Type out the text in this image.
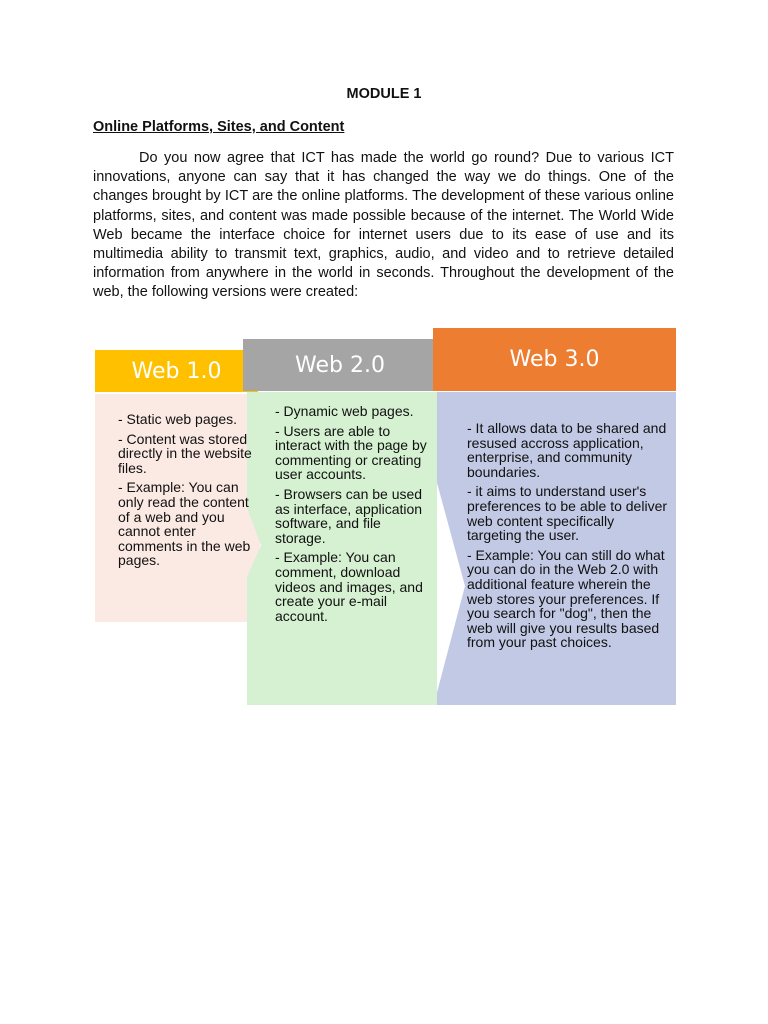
MODULE 1
Online Platforms, Sites, and Content

Do you now agree that ICT has made the world go round? Due to various ICT innovations, anyone can say that it has changed the way we do things. One of the changes brought by ICT are the online platforms. The development of these various online platforms, sites, and content was made possible because of the internet. The World Wide Web became the interface choice for internet users due to its ease of use and its multimedia ability to transmit text, graphics, audio, and video and to retrieve detailed information from anywhere in the world in seconds. Throughout the development of the web, the following versions were created:

Web 1.0	Web 2.0	Web 3.0
- Static web pages.
- Content was stored directly in the website files.
- Example: You can only read the content of a web and you cannot enter comments in the web pages.
- Dynamic web pages.
- Users are able to interact with the page by commenting or creating user accounts.
- Browsers can be used as interface, application software, and file storage.
- Example: You can comment, download videos and images, and create your e-mail account.
- It allows data to be shared and resused accross application, enterprise, and community boundaries.
- it aims to understand user's preferences to be able to deliver web content specifically targeting the user.
- Example: You can still do what you can do in the Web 2.0 with additional feature wherein the web stores your preferences. If you search for "dog", then the web will give you results based from your past choices.
